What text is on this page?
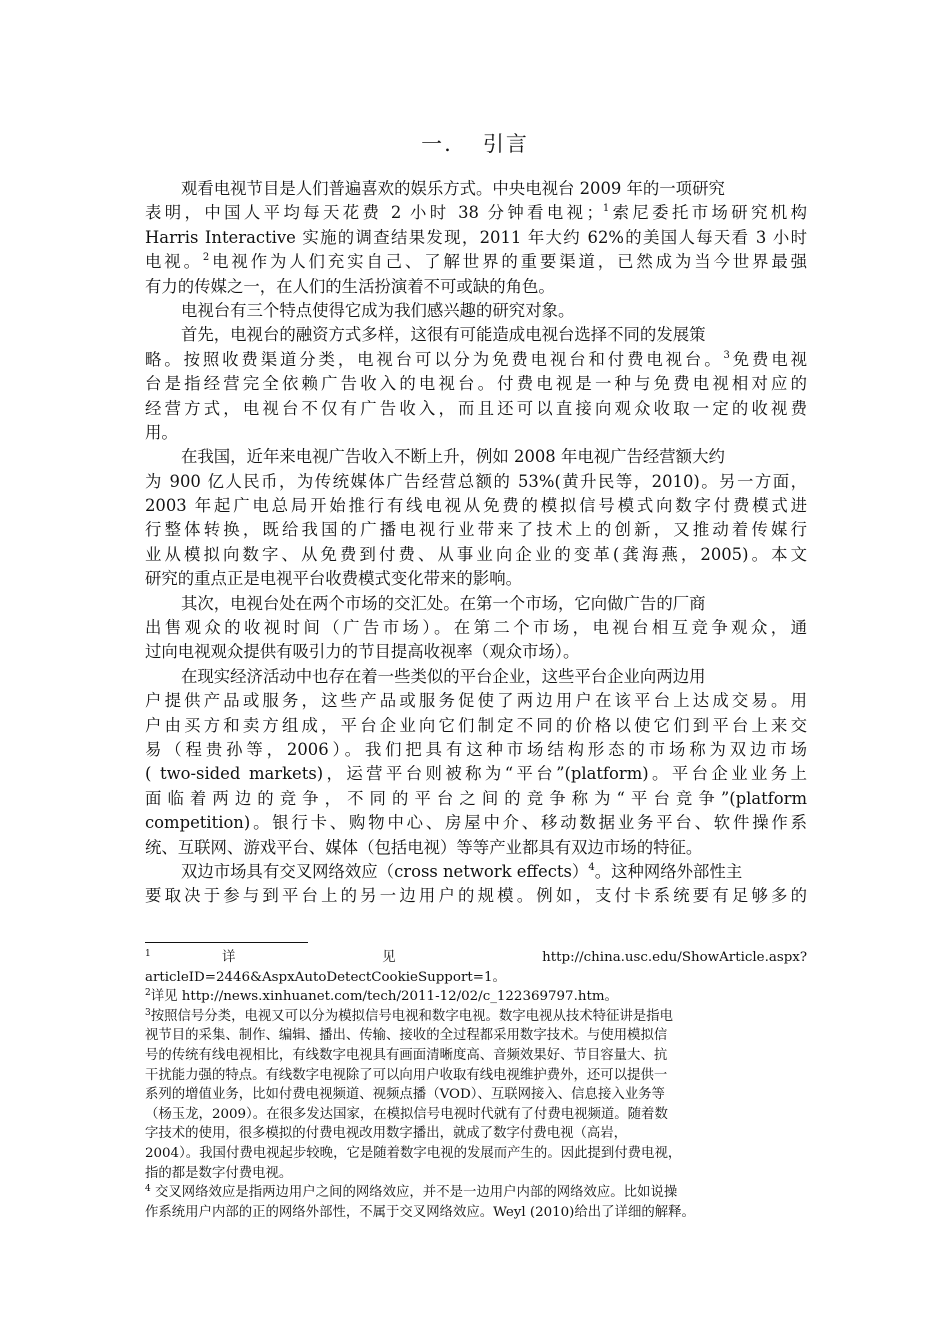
一. 引言
观看电视节目是人们普遍喜欢的娱乐方式。中央电视台 2009 年的一项研究
表明，中国人平均每天花费 2 小时 38 分钟看电视；$^1$索尼委托市场研究机构
Harris Interactive 实施的调查结果发现，2011 年大约 62%的美国人每天看 3 小时
电视。$^2$电视作为人们充实自己、了解世界的重要渠道，已然成为当今世界最强
有力的传媒之一，在人们的生活扮演着不可或缺的角色。
电视台有三个特点使得它成为我们感兴趣的研究对象。
首先，电视台的融资方式多样，这很有可能造成电视台选择不同的发展策
略。按照收费渠道分类，电视台可以分为免费电视台和付费电视台。$^3$免费电视
台是指经营完全依赖广告收入的电视台。付费电视是一种与免费电视相对应的
经营方式，电视台不仅有广告收入，而且还可以直接向观众收取一定的收视费
用。
在我国，近年来电视广告收入不断上升，例如 2008 年电视广告经营额大约
为 900 亿人民币，为传统媒体广告经营总额的 53%(黄升民等，2010)。另一方面，
2003 年起广电总局开始推行有线电视从免费的模拟信号模式向数字付费模式进
行整体转换，既给我国的广播电视行业带来了技术上的创新，又推动着传媒行
业从模拟向数字、从免费到付费、从事业向企业的变革(龚海燕，2005)。本文
研究的重点正是电视平台收费模式变化带来的影响。
其次，电视台处在两个市场的交汇处。在第一个市场，它向做广告的厂商
出售观众的收视时间（广告市场）。在第二个市场，电视台相互竞争观众，通
过向电视观众提供有吸引力的节目提高收视率（观众市场）。
在现实经济活动中也存在着一些类似的平台企业，这些平台企业向两边用
户提供产品或服务，这些产品或服务促使了两边用户在该平台上达成交易。用
户由买方和卖方组成，平台企业向它们制定不同的价格以使它们到平台上来交
易（程贵孙等，2006）。我们把具有这种市场结构形态的市场称为双边市场
( two-sided markets)，运营平台则被称为“平台”(platform)。平台企业业务上
面临着两边的竞争，不同的平台之间的竞争称为“平台竞争”(platform
competition)。银行卡、购物中心、房屋中介、移动数据业务平台、软件操作系
统、互联网、游戏平台、媒体（包括电视）等等产业都具有双边市场的特征。
双边市场具有交叉网络效应（cross network effects）$^4$。这种网络外部性主
要取决于参与到平台上的另一边用户的规模。例如，支付卡系统要有足够多的
$^1$详 见 http://china.usc.edu/ShowArticle.aspx?
articleID=2446&AspxAutoDetectCookieSupport=1。
$^2$详见 http://news.xinhuanet.com/tech/2011-12/02/c_122369797.htm。
$^3$按照信号分类，电视又可以分为模拟信号电视和数字电视。数字电视从技术特征讲是指电
视节目的采集、制作、编辑、播出、传输、接收的全过程都采用数字技术。与使用模拟信
号的传统有线电视相比，有线数字电视具有画面清晰度高、音频效果好、节目容量大、抗
干扰能力强的特点。有线数字电视除了可以向用户收取有线电视维护费外，还可以提供一
系列的增值业务，比如付费电视频道、视频点播（VOD）、互联网接入、信息接入业务等
（杨玉龙，2009）。在很多发达国家，在模拟信号电视时代就有了付费电视频道。随着数
字技术的使用，很多模拟的付费电视改用数字播出，就成了数字付费电视（高岩，
2004）。我国付费电视起步较晚，它是随着数字电视的发展而产生的。因此提到付费电视，
指的都是数字付费电视。
$^4$ 交叉网络效应是指两边用户之间的网络效应，并不是一边用户内部的网络效应。比如说操
作系统用户内部的正的网络外部性，不属于交叉网络效应。Weyl (2010)给出了详细的解释。
